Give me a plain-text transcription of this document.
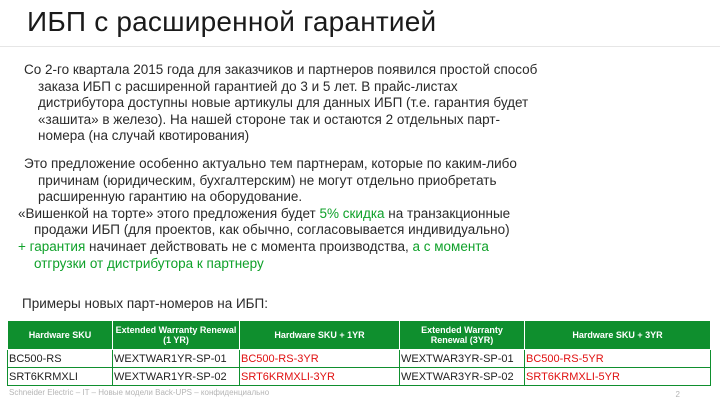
ИБП с расширенной гарантией

Со 2-го квартала 2015 года для заказчиков и партнеров появился простой способ
заказа ИБП с расширенной гарантией до 3 и 5 лет. В прайс-листах
дистрибутора доступны новые артикулы для данных ИБП (т.е. гарантия будет
«зашита» в железо). На нашей стороне так и остаются 2 отдельных парт-
номера (на случай квотирования)

Это предложение особенно актуально тем партнерам, которые по каким-либо
причинам (юридическим, бухгалтерским) не могут отдельно приобретать
расширенную гарантию на оборудование.

«Вишенкой на торте» этого предложения будет 5% скидка на транзакционные
продажи ИБП (для проектов, как обычно, согласовывается индивидуально)

+ гарантия начинает действовать не с момента производства, а с момента
отгрузки от дистрибутора к партнеру

Примеры новых парт-номеров на ИБП:
Hardware SKU	Extended Warranty Renewal (1 YR)	Hardware SKU + 1YR	Extended Warranty Renewal (3YR)	Hardware SKU + 3YR
BC500-RS	WEXTWAR1YR-SP-01	BC500-RS-3YR	WEXTWAR3YR-SP-01	BC500-RS-5YR
SRT6KRMXLI	WEXTWAR1YR-SP-02	SRT6KRMXLI-3YR	WEXTWAR3YR-SP-02	SRT6KRMXLI-5YR
Schneider Electric – IT – Новые модели Back-UPS – конфиденциально	2
